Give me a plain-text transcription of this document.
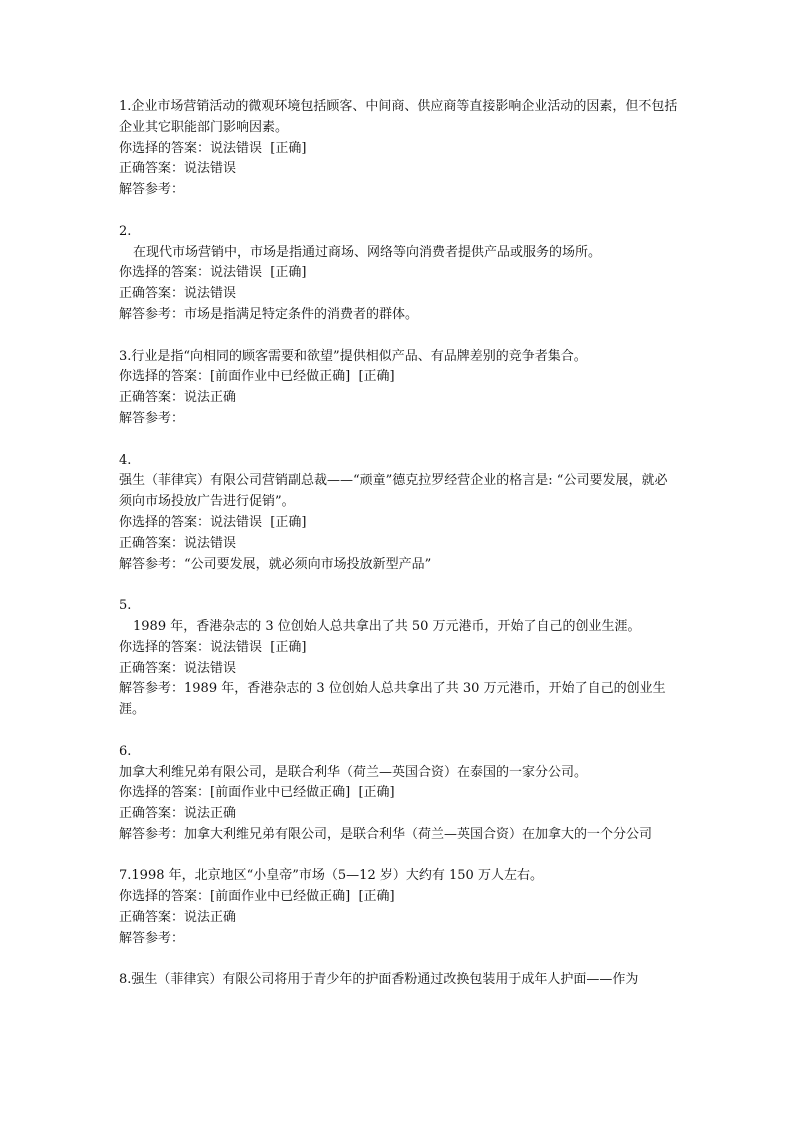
1.企业市场营销活动的微观环境包括顾客、中间商、供应商等直接影响企业活动的因素，但不包括企业其它职能部门影响因素。
你选择的答案：说法错误 [正确]
正确答案：说法错误
解答参考：
2.
在现代市场营销中，市场是指通过商场、网络等向消费者提供产品或服务的场所。
你选择的答案：说法错误 [正确]
正确答案：说法错误
解答参考：市场是指满足特定条件的消费者的群体。
3.行业是指“向相同的顾客需要和欲望”提供相似产品、有品牌差别的竞争者集合。
你选择的答案：[前面作业中已经做正确] [正确]
正确答案：说法正确
解答参考：
4.
强生（菲律宾）有限公司营销副总裁——“顽童”德克拉罗经营企业的格言是: “公司要发展，就必须向市场投放广告进行促销”。
你选择的答案：说法错误 [正确]
正确答案：说法错误
解答参考：“公司要发展，就必须向市场投放新型产品”
5.
1989 年，香港杂志的 3 位创始人总共拿出了共 50 万元港币，开始了自己的创业生涯。
你选择的答案：说法错误 [正确]
正确答案：说法错误
解答参考：1989 年，香港杂志的 3 位创始人总共拿出了共 30 万元港币，开始了自己的创业生涯。
6.
加拿大利维兄弟有限公司，是联合利华（荷兰—英国合资）在泰国的一家分公司。
你选择的答案：[前面作业中已经做正确] [正确]
正确答案：说法正确
解答参考：加拿大利维兄弟有限公司，是联合利华（荷兰—英国合资）在加拿大的一个分公司
7.1998 年，北京地区“小皇帝”市场（5—12 岁）大约有 150 万人左右。
你选择的答案：[前面作业中已经做正确] [正确]
正确答案：说法正确
解答参考：
8.强生（菲律宾）有限公司将用于青少年的护面香粉通过改换包装用于成年人护面——作为
